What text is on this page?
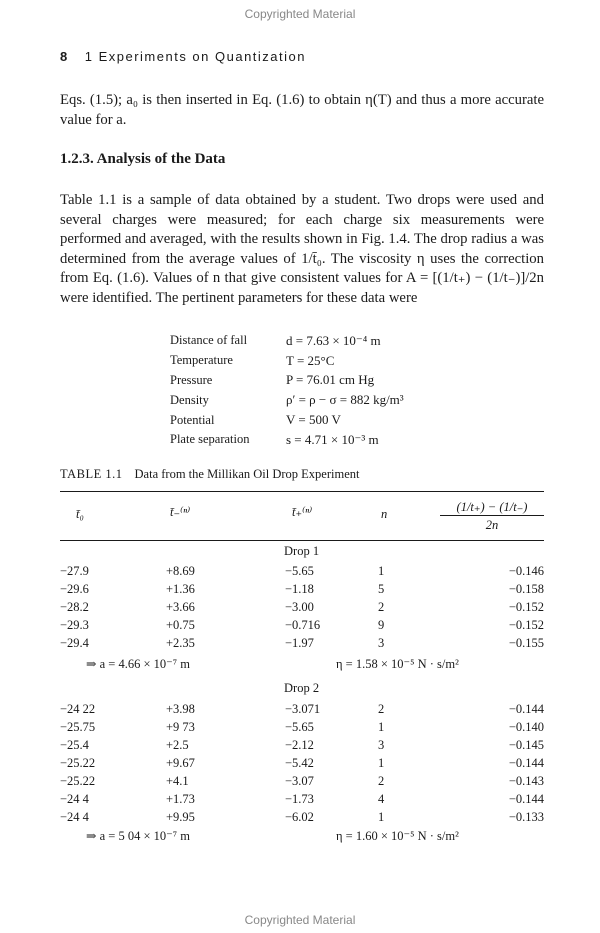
Copyrighted Material
8 1 Experiments on Quantization
Eqs. (1.5); a₀ is then inserted in Eq. (1.6) to obtain η(T) and thus a more accurate value for a.
1.2.3. Analysis of the Data
Table 1.1 is a sample of data obtained by a student. Two drops were used and several charges were measured; for each charge six measurements were performed and averaged, with the results shown in Fig. 1.4. The drop radius a was determined from the average values of 1/t̄₀. The viscosity η uses the correction from Eq. (1.6). Values of n that give consistent values for A = [(1/t₊) − (1/t₋)]/2n were identified. The pertinent parameters for these data were
Distance of fall	d = 7.63 × 10⁻⁴ m
Temperature	T = 25°C
Pressure	P = 76.01 cm Hg
Density	ρ′ = ρ − σ = 882 kg/m³
Potential	V = 500 V
Plate separation	s = 4.71 × 10⁻³ m
TABLE 1.1 Data from the Millikan Oil Drop Experiment
t̄₀	t̄₋⁽ⁿ⁾	t̄₊⁽ⁿ⁾	n	(1/t₊) − (1/t₋)
2n
Drop 1
−27.9	+8.69	−5.65	1	−0.146
−29.6	+1.36	−1.18	5	−0.158
−28.2	+3.66	−3.00	2	−0.152
−29.3	+0.75	−0.716	9	−0.152
−29.4	+2.35	−1.97	3	−0.155
⇒ a = 4.66 × 10⁻⁷ m	η = 1.58 × 10⁻⁵ N · s/m²
Drop 2
−24 22	+3.98	−3.071	2	−0.144
−25.75	+9 73	−5.65	1	−0.140
−25.4	+2.5	−2.12	3	−0.145
−25.22	+9.67	−5.42	1	−0.144
−25.22	+4.1	−3.07	2	−0.143
−24 4	+1.73	−1.73	4	−0.144
−24 4	+9.95	−6.02	1	−0.133
⇒ a = 5 04 × 10⁻⁷ m	η = 1.60 × 10⁻⁵ N · s/m²
Copyrighted Material
